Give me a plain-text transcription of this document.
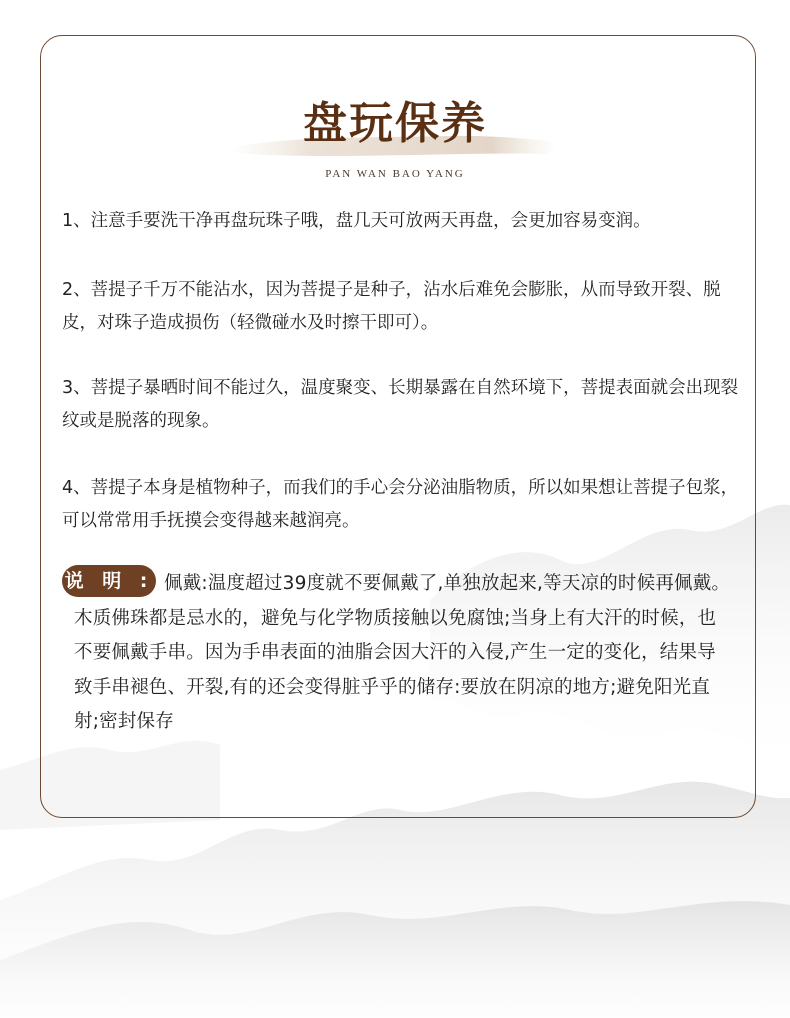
盘玩保养
PAN WAN BAO YANG

1、注意手要洗干净再盘玩珠子哦，盘几天可放两天再盘，会更加容易变润。

2、菩提子千万不能沾水，因为菩提子是种子，沾水后难免会膨胀，从而导致开裂、脱皮，对珠子造成损伤（轻微碰水及时擦干即可）。

3、菩提子暴晒时间不能过久，温度聚变、长期暴露在自然环境下，菩提表面就会出现裂纹或是脱落的现象。

4、菩提子本身是植物种子，而我们的手心会分泌油脂物质，所以如果想让菩提子包浆，可以常常用手抚摸会变得越来越润亮。

佩戴:温度超过39度就不要佩戴了,单独放起来,等天凉的时候再佩戴。木质佛珠都是忌水的，避免与化学物质接触以免腐蚀;当身上有大汗的时候，也不要佩戴手串。因为手串表面的油脂会因大汗的入侵,产生一定的变化，结果导致手串褪色、开裂,有的还会变得脏乎乎的储存:要放在阴凉的地方;避免阳光直射;密封保存

说 明 :
